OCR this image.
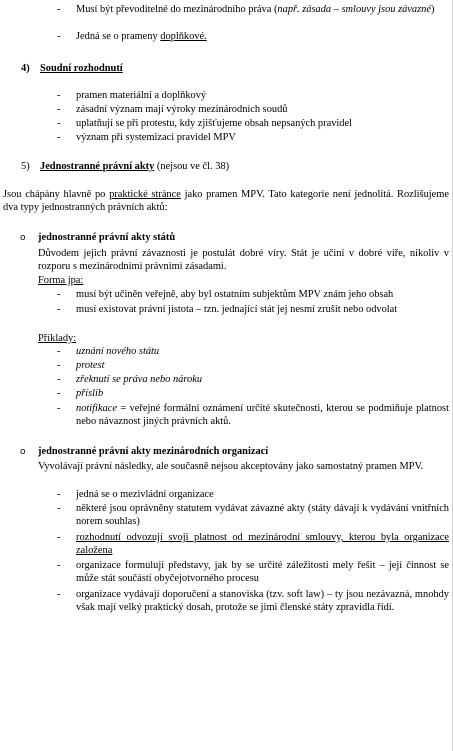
- Musí být převoditelné do mezinárodního práva (např. zásada – smlouvy jsou závazné)
- Jedná se o prameny doplňkové.
4) Soudní rozhodnutí
- pramen materiální a doplňkový
- zásadní význam mají výroky mezinárodních soudů
- uplatňují se při protestu, kdy zjišťujeme obsah nepsaných pravidel
- význam při systemizaci pravidel MPV
5) Jednostranné právní akty (nejsou ve čl. 38)
Jsou chápány hlavně po praktické stránce jako pramen MPV. Tato kategorie není jednolitá. Rozlišujeme dva typy jednostranných právních aktů:
o jednostranné právní akty států
Důvodem jejich právní závaznosti je postulát dobré víry. Stát je učiní v dobré víře, nikoliv v rozporu s mezinárodními právními zásadami.
Forma jpa:
- musí být učiněn veřejně, aby byl ostatním subjektům MPV znám jeho obsah
- musí existovat právní jistota – tzn. jednající stát jej nesmí zrušit nebo odvolat
Příklady:
- uznání nového státu
- protest
- zřeknutí se práva nebo nároku
- příslib
- notifikace = veřejné formální oznámení určité skutečnosti, kterou se podmiňuje platnost nebo návaznost jiných právních aktů.
o jednostranné právní akty mezinárodních organizací
Vyvolávají právní následky, ale současně nejsou akceptovány jako samostatný pramen MPV.
- jedná se o mezivládní organizace
- některé jsou oprávněny statutem vydávat závazné akty (státy dávají k vydávání vnitřních norem souhlas)
- rozhodnutí odvozují svoji platnost od mezinárodní smlouvy, kterou byla organizace založena
- organizace formulují představy, jak by se určité záležitosti mely řešit – její činnost se může stát součástí obyčejotvorného procesu
- organizace vydávají doporučení a stanoviska (tzv. soft law) – ty jsou nezávazná, mnohdy však mají velký praktický dosah, protože se jimi členské státy zpravidla řídí.
